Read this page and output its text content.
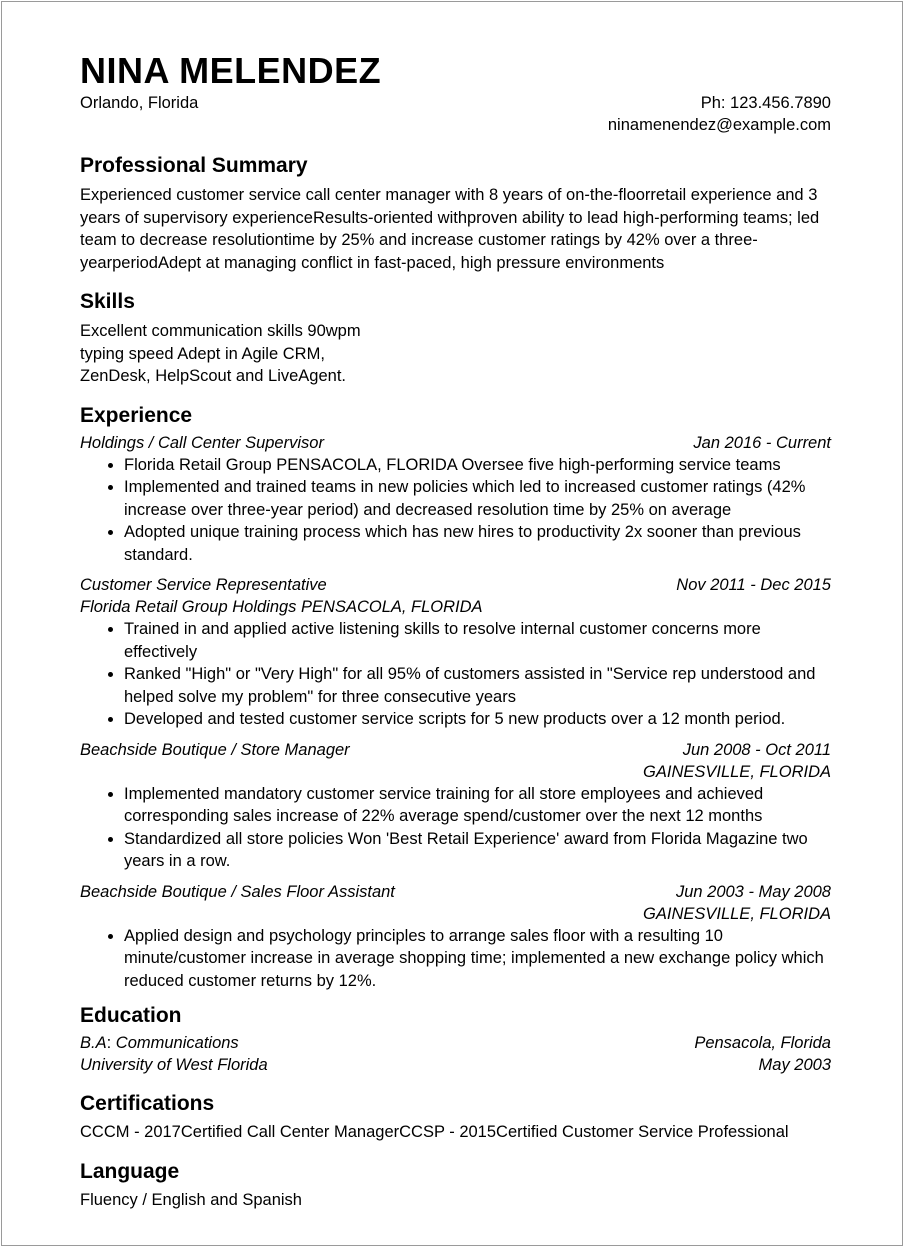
NINA MELENDEZ
Orlando, Florida	Ph: 123.456.7890
ninamenendez@example.com
Professional Summary

Experienced customer service call center manager with 8 years of on-the-floorretail experience and 3 years of supervisory experienceResults-oriented withproven ability to lead high-performing teams; led team to decrease resolutiontime by 25% and increase customer ratings by 42% over a three-yearperiodAdept at managing conflict in fast-paced, high pressure environments

Skills
Excellent communication skills 90wpm
typing speed Adept in Agile CRM,
ZenDesk, HelpScout and LiveAgent.
Experience
Holdings / Call Center Supervisor	Jan 2016 - Current
• Florida Retail Group PENSACOLA, FLORIDA Oversee five high-performing service teams
• Implemented and trained teams in new policies which led to increased customer ratings (42% increase over three-year period) and decreased resolution time by 25% on average
• Adopted unique training process which has new hires to productivity 2x sooner than previous standard.
Customer Service Representative	Nov 2011 - Dec 2015
Florida Retail Group Holdings PENSACOLA, FLORIDA
• Trained in and applied active listening skills to resolve internal customer concerns more effectively
• Ranked "High" or "Very High" for all 95% of customers assisted in "Service rep understood and helped solve my problem" for three consecutive years
• Developed and tested customer service scripts for 5 new products over a 12 month period.
Beachside Boutique / Store Manager	Jun 2008 - Oct 2011
GAINESVILLE, FLORIDA
• Implemented mandatory customer service training for all store employees and achieved corresponding sales increase of 22% average spend/customer over the next 12 months
• Standardized all store policies Won 'Best Retail Experience' award from Florida Magazine two years in a row.
Beachside Boutique / Sales Floor Assistant	Jun 2003 - May 2008
GAINESVILLE, FLORIDA
• Applied design and psychology principles to arrange sales floor with a resulting 10 minute/customer increase in average shopping time; implemented a new exchange policy which reduced customer returns by 12%.
Education
B.A: Communications	Pensacola, Florida
University of West Florida	May 2003
Certifications

CCCM - 2017Certified Call Center ManagerCCSP - 2015Certified Customer Service Professional

Language

Fluency / English and Spanish
